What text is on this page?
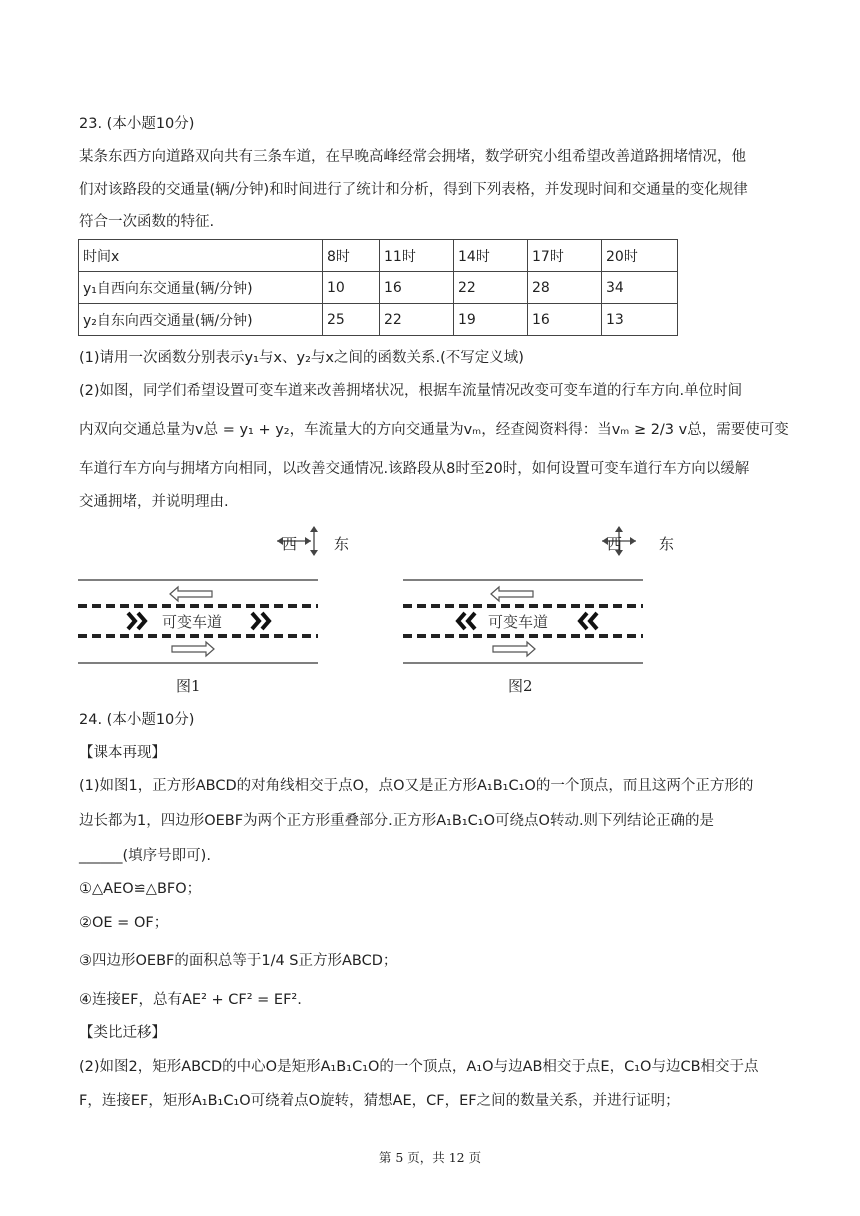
23. (本小题10分)
某条东西方向道路双向共有三条车道，在早晚高峰经常会拥堵，数学研究小组希望改善道路拥堵情况，他
们对该路段的交通量(辆/分钟)和时间进行了统计和分析，得到下列表格，并发现时间和交通量的变化规律
符合一次函数的特征.
时间x	8时	11时	14时	17时	20时
y₁自西向东交通量(辆/分钟)	10	16	22	28	34
y₂自东向西交通量(辆/分钟)	25	22	19	16	13
(1)请用一次函数分别表示y₁与x、y₂与x之间的函数关系.(不写定义域)
(2)如图，同学们希望设置可变车道来改善拥堵状况，根据车流量情况改变可变车道的行车方向.单位时间
内双向交通总量为v总 = y₁ + y₂，车流量大的方向交通量为vₘ，经查阅资料得：当vₘ ≥ 2/3 v总，需要使可变
车道行车方向与拥堵方向相同，以改善交通情况.该路段从8时至20时，如何设置可变车道行车方向以缓解
交通拥堵，并说明理由.
西 东
可变车道
图1
西 东
可变车道
图2
24. (本小题10分)
【课本再现】
(1)如图1，正方形ABCD的对角线相交于点O，点O又是正方形A₁B₁C₁O的一个顶点，而且这两个正方形的
边长都为1，四边形OEBF为两个正方形重叠部分.正方形A₁B₁C₁O可绕点O转动.则下列结论正确的是
______(填序号即可).
①△AEO≌△BFO；
②OE = OF；
③四边形OEBF的面积总等于1/4 S正方形ABCD；
④连接EF，总有AE² + CF² = EF².
【类比迁移】
(2)如图2，矩形ABCD的中心O是矩形A₁B₁C₁O的一个顶点，A₁O与边AB相交于点E，C₁O与边CB相交于点
F，连接EF，矩形A₁B₁C₁O可绕着点O旋转，猜想AE，CF，EF之间的数量关系，并进行证明；
第 5 页，共 12 页
